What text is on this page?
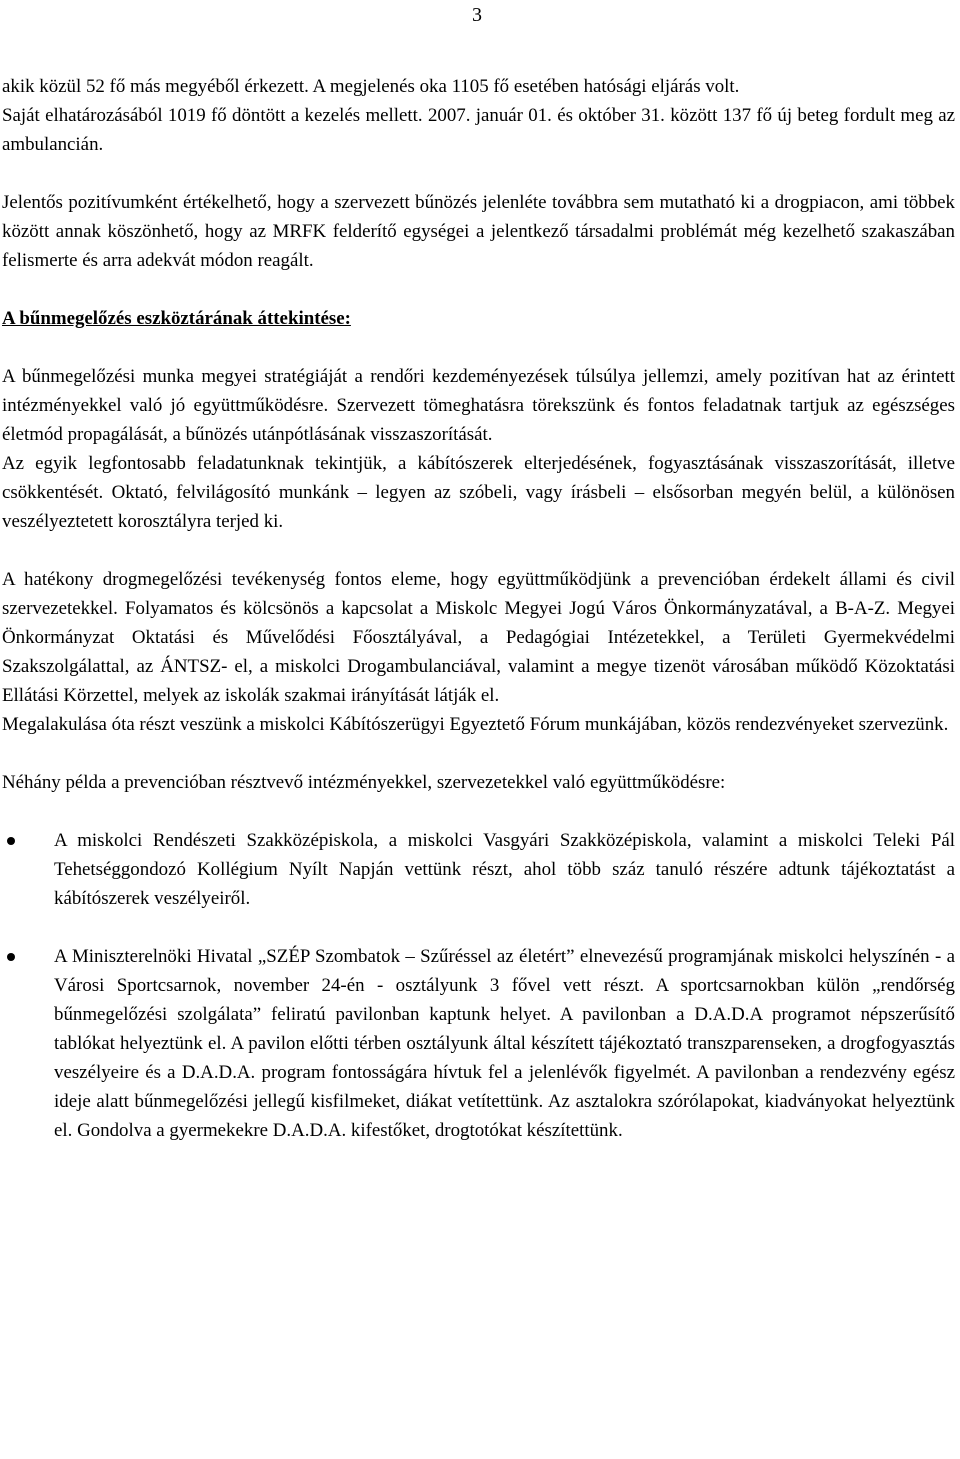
3

akik közül 52 fő más megyéből érkezett. A megjelenés oka 1105 fő esetében hatósági eljárás volt.

Saját elhatározásából 1019 fő döntött a kezelés mellett. 2007. január 01. és október 31. között 137 fő új beteg fordult meg az ambulancián.

Jelentős pozitívumként értékelhető, hogy a szervezett bűnözés jelenléte továbbra sem mutatható ki a drogpiacon, ami többek között annak köszönhető, hogy az MRFK felderítő egységei a jelentkező társadalmi problémát még kezelhető szakaszában felismerte és arra adekvát módon reagált.

A bűnmegelőzés eszköztárának áttekintése:

A bűnmegelőzési munka megyei stratégiáját a rendőri kezdeményezések túlsúlya jellemzi, amely pozitívan hat az érintett intézményekkel való jó együttműködésre. Szervezett tömeghatásra törekszünk és fontos feladatnak tartjuk az egészséges életmód propagálását, a bűnözés utánpótlásának visszaszorítását.

Az egyik legfontosabb feladatunknak tekintjük, a kábítószerek elterjedésének, fogyasztásának visszaszorítását, illetve csökkentését. Oktató, felvilágosító munkánk – legyen az szóbeli, vagy írásbeli – elsősorban megyén belül, a különösen veszélyeztetett korosztályra terjed ki.

A hatékony drogmegelőzési tevékenység fontos eleme, hogy együttműködjünk a prevencióban érdekelt állami és civil szervezetekkel. Folyamatos és kölcsönös a kapcsolat a Miskolc Megyei Jogú Város Önkormányzatával, a B-A-Z. Megyei Önkormányzat Oktatási és Művelődési Főosztályával, a Pedagógiai Intézetekkel, a Területi Gyermekvédelmi Szakszolgálattal, az ÁNTSZ- el, a miskolci Drogambulanciával, valamint a megye tizenöt városában működő Közoktatási Ellátási Körzettel, melyek az iskolák szakmai irányítását látják el.

Megalakulása óta részt veszünk a miskolci Kábítószerügyi Egyeztető Fórum munkájában, közös rendezvényeket szervezünk.

Néhány példa a prevencióban résztvevő intézményekkel, szervezetekkel való együttműködésre:

A miskolci Rendészeti Szakközépiskola, a miskolci Vasgyári Szakközépiskola, valamint a miskolci Teleki Pál Tehetséggondozó Kollégium Nyílt Napján vettünk részt, ahol több száz tanuló részére adtunk tájékoztatást a kábítószerek veszélyeiről.
A Miniszterelnöki Hivatal „SZÉP Szombatok – Szűréssel az életért” elnevezésű programjának miskolci helyszínén - a Városi Sportcsarnok, november 24-én - osztályunk 3 fővel vett részt. A sportcsarnokban külön „rendőrség bűnmegelőzési szolgálata” feliratú pavilonban kaptunk helyet. A pavilonban a D.A.D.A programot népszerűsítő tablókat helyeztünk el. A pavilon előtti térben osztályunk által készített tájékoztató transzparenseken, a drogfogyasztás veszélyeire és a D.A.D.A. program fontosságára hívtuk fel a jelenlévők figyelmét. A pavilonban a rendezvény egész ideje alatt bűnmegelőzési jellegű kisfilmeket, diákat vetítettünk. Az asztalokra szórólapokat, kiadványokat helyeztünk el. Gondolva a gyermekekre D.A.D.A. kifestőket, drogtotókat készítettünk.
